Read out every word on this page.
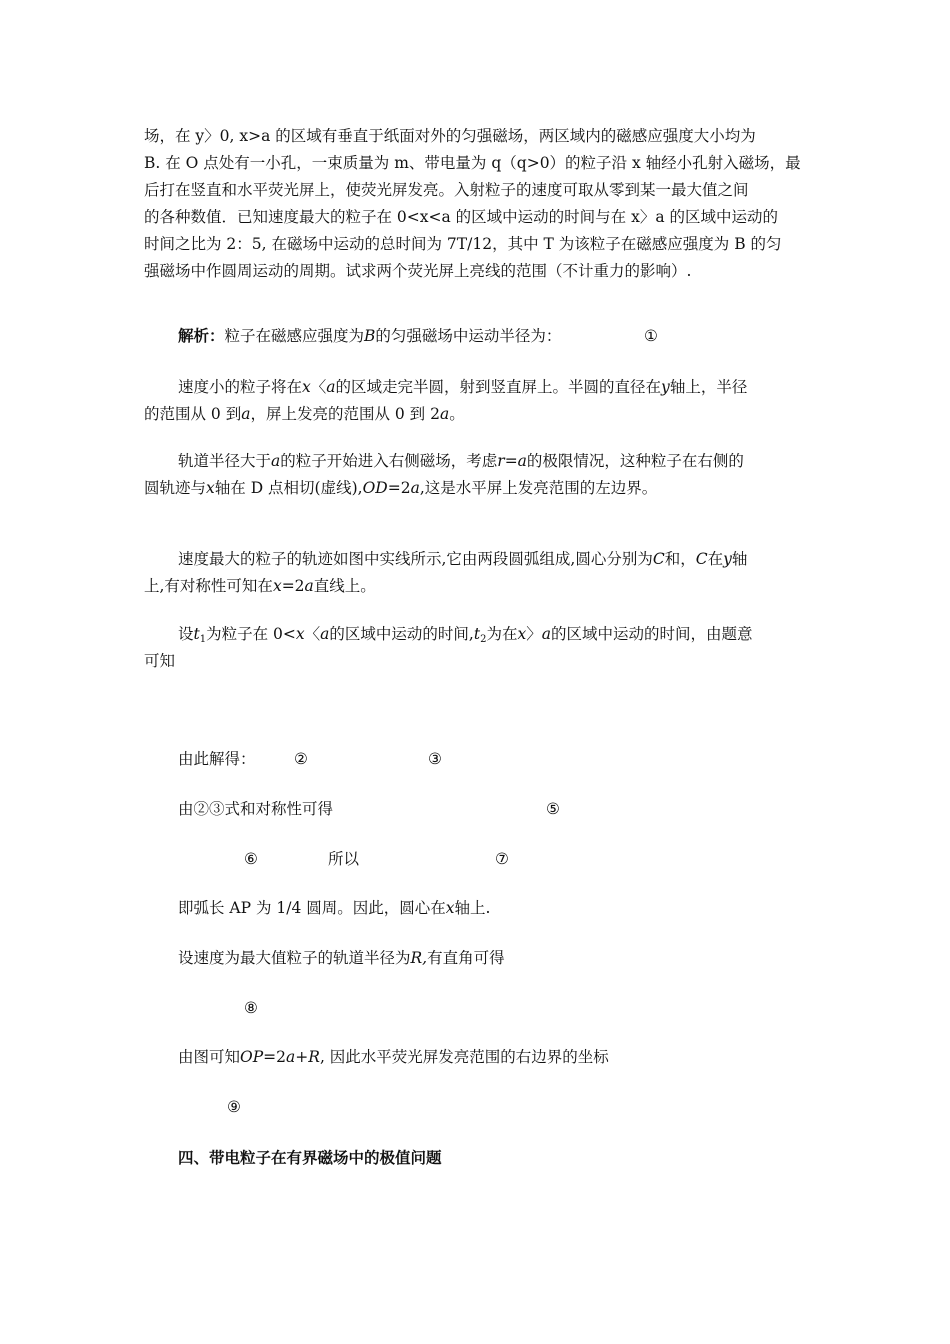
场，在 y〉0, x>a 的区域有垂直于纸面对外的匀强磁场，两区域内的磁感应强度大小均为
B. 在 O 点处有一小孔，一束质量为 m、带电量为 q（q>0）的粒子沿 x 轴经小孔射入磁场，最
后打在竖直和水平荧光屏上，使荧光屏发亮。入射粒子的速度可取从零到某一最大值之间
的各种数值．已知速度最大的粒子在 0<x<a 的区域中运动的时间与在 x〉a 的区域中运动的
时间之比为 2：5, 在磁场中运动的总时间为 7T/12，其中 T 为该粒子在磁感应强度为 B 的匀
强磁场中作圆周运动的周期。试求两个荧光屏上亮线的范围（不计重力的影响）.
解析：粒子在磁感应强度为B的匀强磁场中运动半径为：	①
速度小的粒子将在x〈a的区域走完半圆，射到竖直屏上。半圆的直径在y轴上，半径
的范围从 0 到a，屏上发亮的范围从 0 到 2a。
轨道半径大于a的粒子开始进入右侧磁场，考虑r=a的极限情况，这种粒子在右侧的
圆轨迹与x轴在 D 点相切(虚线),OD=2a,这是水平屏上发亮范围的左边界。
速度最大的粒子的轨迹如图中实线所示,它由两段圆弧组成,圆心分别为C和，C在y轴
上,有对称性可知在x=2a直线上。
设$t_1$为粒子在 0<x〈a的区域中运动的时间$,t_2$为在x〉a的区域中运动的时间，由题意
可知
由此解得： ②	③
由②③式和对称性可得	⑤
⑥	所以	⑦
即弧长 AP 为 1/4 圆周。因此，圆心在x轴上.
设速度为最大值粒子的轨道半径为R,有直角可得
⑧
由图可知OP=2a+R, 因此水平荧光屏发亮范围的右边界的坐标
⑨
四、带电粒子在有界磁场中的极值问题
